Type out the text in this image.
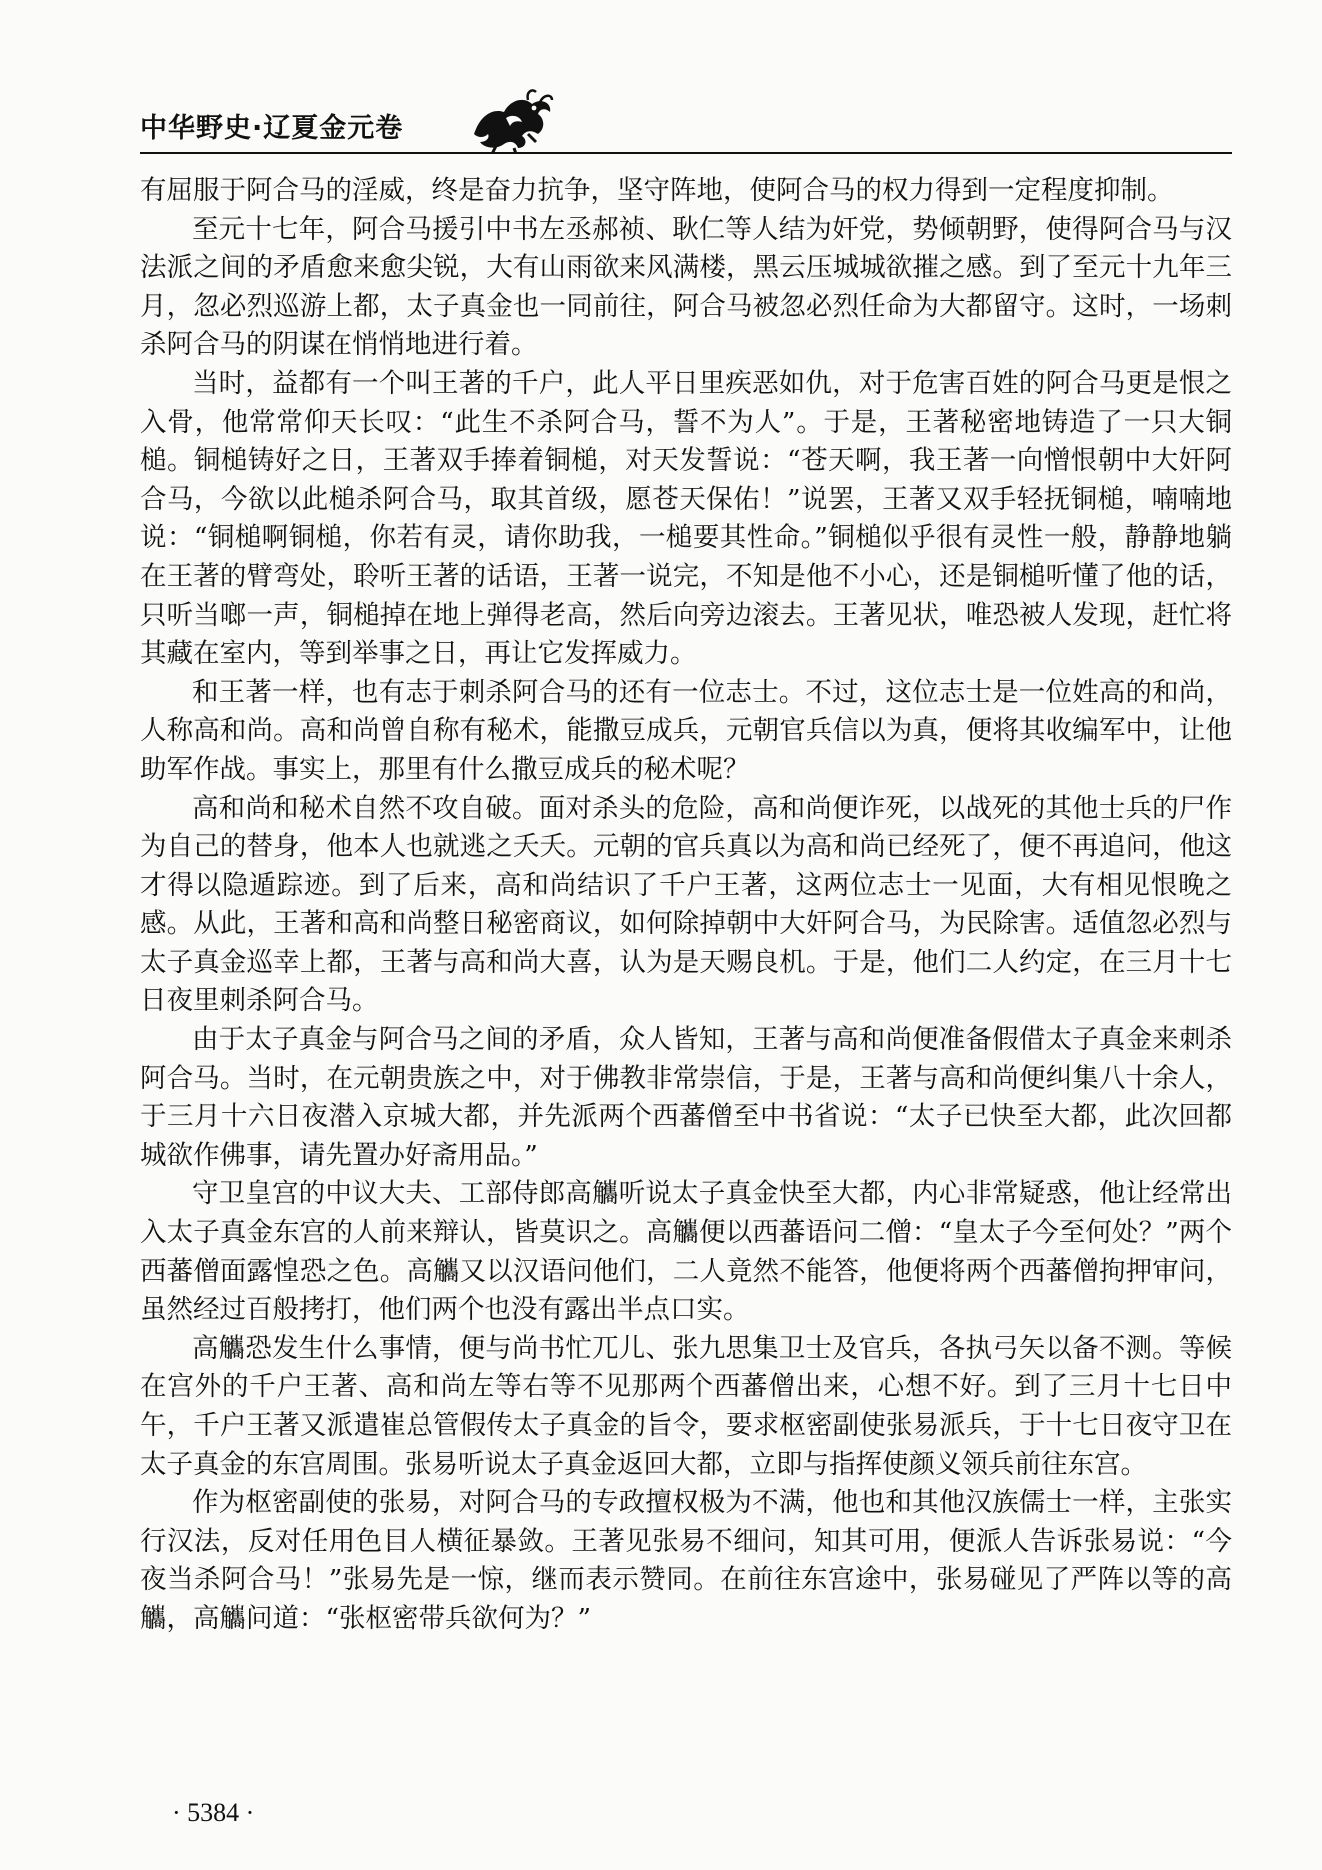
中华野史·辽夏金元卷

有屈服于阿合马的淫威，终是奋力抗争，坚守阵地，使阿合马的权力得到一定程度抑制。

至元十七年，阿合马援引中书左丞郝祯、耿仁等人结为奸党，势倾朝野，使得阿合马与汉法派之间的矛盾愈来愈尖锐，大有山雨欲来风满楼，黑云压城城欲摧之感。到了至元十九年三月，忽必烈巡游上都，太子真金也一同前往，阿合马被忽必烈任命为大都留守。这时，一场刺杀阿合马的阴谋在悄悄地进行着。

当时，益都有一个叫王著的千户，此人平日里疾恶如仇，对于危害百姓的阿合马更是恨之入骨，他常常仰天长叹：“此生不杀阿合马，誓不为人”。于是，王著秘密地铸造了一只大铜槌。铜槌铸好之日，王著双手捧着铜槌，对天发誓说：“苍天啊，我王著一向憎恨朝中大奸阿合马，今欲以此槌杀阿合马，取其首级，愿苍天保佑！”说罢，王著又双手轻抚铜槌，喃喃地说：“铜槌啊铜槌，你若有灵，请你助我，一槌要其性命。”铜槌似乎很有灵性一般，静静地躺在王著的臂弯处，聆听王著的话语，王著一说完，不知是他不小心，还是铜槌听懂了他的话，只听当啷一声，铜槌掉在地上弹得老高，然后向旁边滚去。王著见状，唯恐被人发现，赶忙将其藏在室内，等到举事之日，再让它发挥威力。

和王著一样，也有志于刺杀阿合马的还有一位志士。不过，这位志士是一位姓高的和尚，人称高和尚。高和尚曾自称有秘术，能撒豆成兵，元朝官兵信以为真，便将其收编军中，让他助军作战。事实上，那里有什么撒豆成兵的秘术呢？

高和尚和秘术自然不攻自破。面对杀头的危险，高和尚便诈死，以战死的其他士兵的尸作为自己的替身，他本人也就逃之夭夭。元朝的官兵真以为高和尚已经死了，便不再追问，他这才得以隐遁踪迹。到了后来，高和尚结识了千户王著，这两位志士一见面，大有相见恨晚之感。从此，王著和高和尚整日秘密商议，如何除掉朝中大奸阿合马，为民除害。适值忽必烈与太子真金巡幸上都，王著与高和尚大喜，认为是天赐良机。于是，他们二人约定，在三月十七日夜里刺杀阿合马。

由于太子真金与阿合马之间的矛盾，众人皆知，王著与高和尚便准备假借太子真金来刺杀阿合马。当时，在元朝贵族之中，对于佛教非常崇信，于是，王著与高和尚便纠集八十余人，于三月十六日夜潜入京城大都，并先派两个西蕃僧至中书省说：“太子已快至大都，此次回都城欲作佛事，请先置办好斋用品。”

守卫皇宫的中议大夫、工部侍郎高觿听说太子真金快至大都，内心非常疑惑，他让经常出入太子真金东宫的人前来辩认，皆莫识之。高觿便以西蕃语问二僧：“皇太子今至何处？”两个西蕃僧面露惶恐之色。高觿又以汉语问他们，二人竟然不能答，他便将两个西蕃僧拘押审问，虽然经过百般拷打，他们两个也没有露出半点口实。

高觿恐发生什么事情，便与尚书忙兀儿、张九思集卫士及官兵，各执弓矢以备不测。等候在宫外的千户王著、高和尚左等右等不见那两个西蕃僧出来，心想不好。到了三月十七日中午，千户王著又派遣崔总管假传太子真金的旨令，要求枢密副使张易派兵，于十七日夜守卫在太子真金的东宫周围。张易听说太子真金返回大都，立即与指挥使颜义领兵前往东宫。

作为枢密副使的张易，对阿合马的专政擅权极为不满，他也和其他汉族儒士一样，主张实行汉法，反对任用色目人横征暴敛。王著见张易不细问，知其可用，便派人告诉张易说：“今夜当杀阿合马！”张易先是一惊，继而表示赞同。在前往东宫途中，张易碰见了严阵以等的高觿，高觿问道：“张枢密带兵欲何为？”

· 5384 ·
